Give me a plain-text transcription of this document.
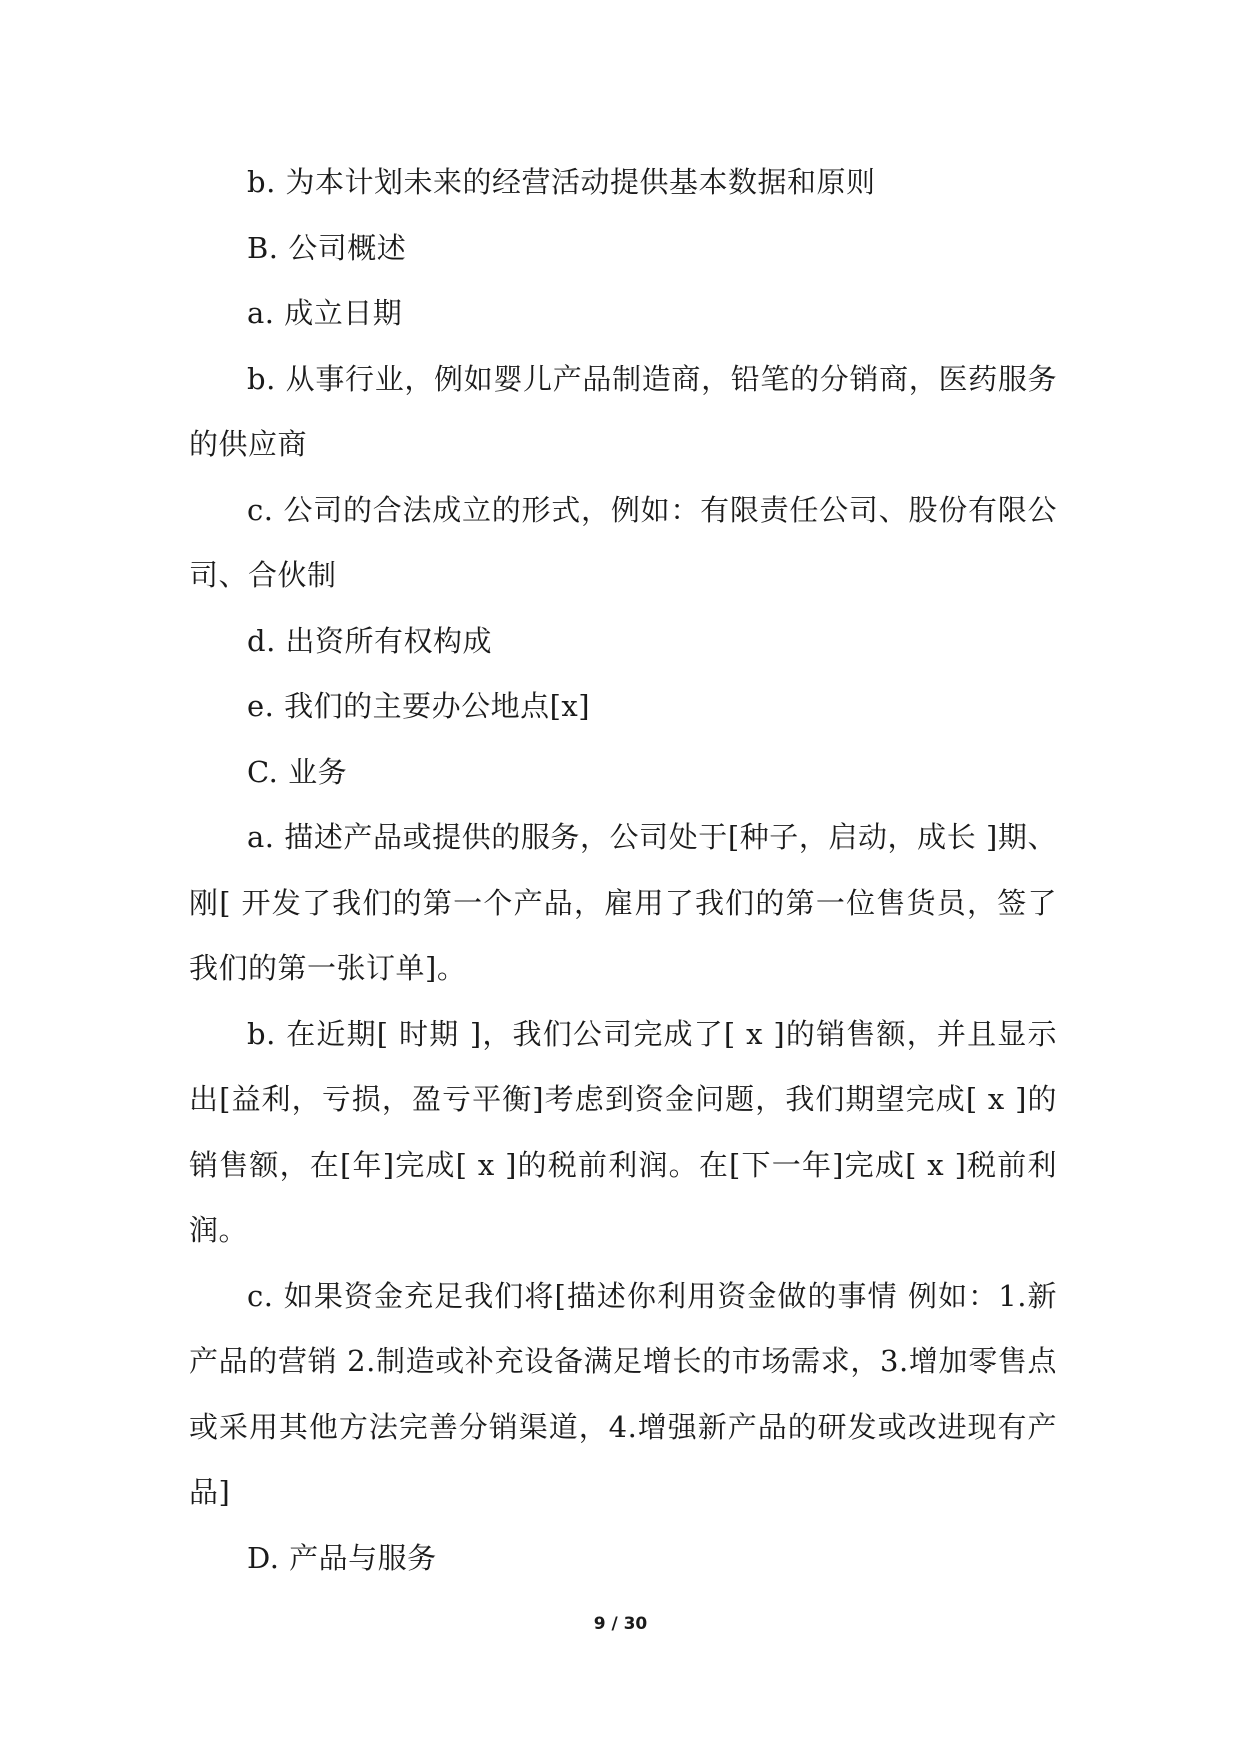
b. 为本计划未来的经营活动提供基本数据和原则

B. 公司概述

a. 成立日期

b. 从事行业，例如婴儿产品制造商，铅笔的分销商，医药服务的供应商

c. 公司的合法成立的形式，例如：有限责任公司、股份有限公司、合伙制

d. 出资所有权构成

e. 我们的主要办公地点[x]

C. 业务

a. 描述产品或提供的服务，公司处于[种子，启动，成长 ]期、刚[ 开发了我们的第一个产品，雇用了我们的第一位售货员，签了我们的第一张订单]。

b. 在近期[ 时期 ]，我们公司完成了[ x ]的销售额，并且显示出[益利，亏损，盈亏平衡]考虑到资金问题，我们期望完成[ x ]的销售额，在[年]完成[ x ]的税前利润。在[下一年]完成[ x ]税前利润。

c. 如果资金充足我们将[描述你利用资金做的事情 例如：1.新产品的营销 2.制造或补充设备满足增长的市场需求，3.增加零售点或采用其他方法完善分销渠道，4.增强新产品的研发或改进现有产品]

D. 产品与服务

9 / 30
